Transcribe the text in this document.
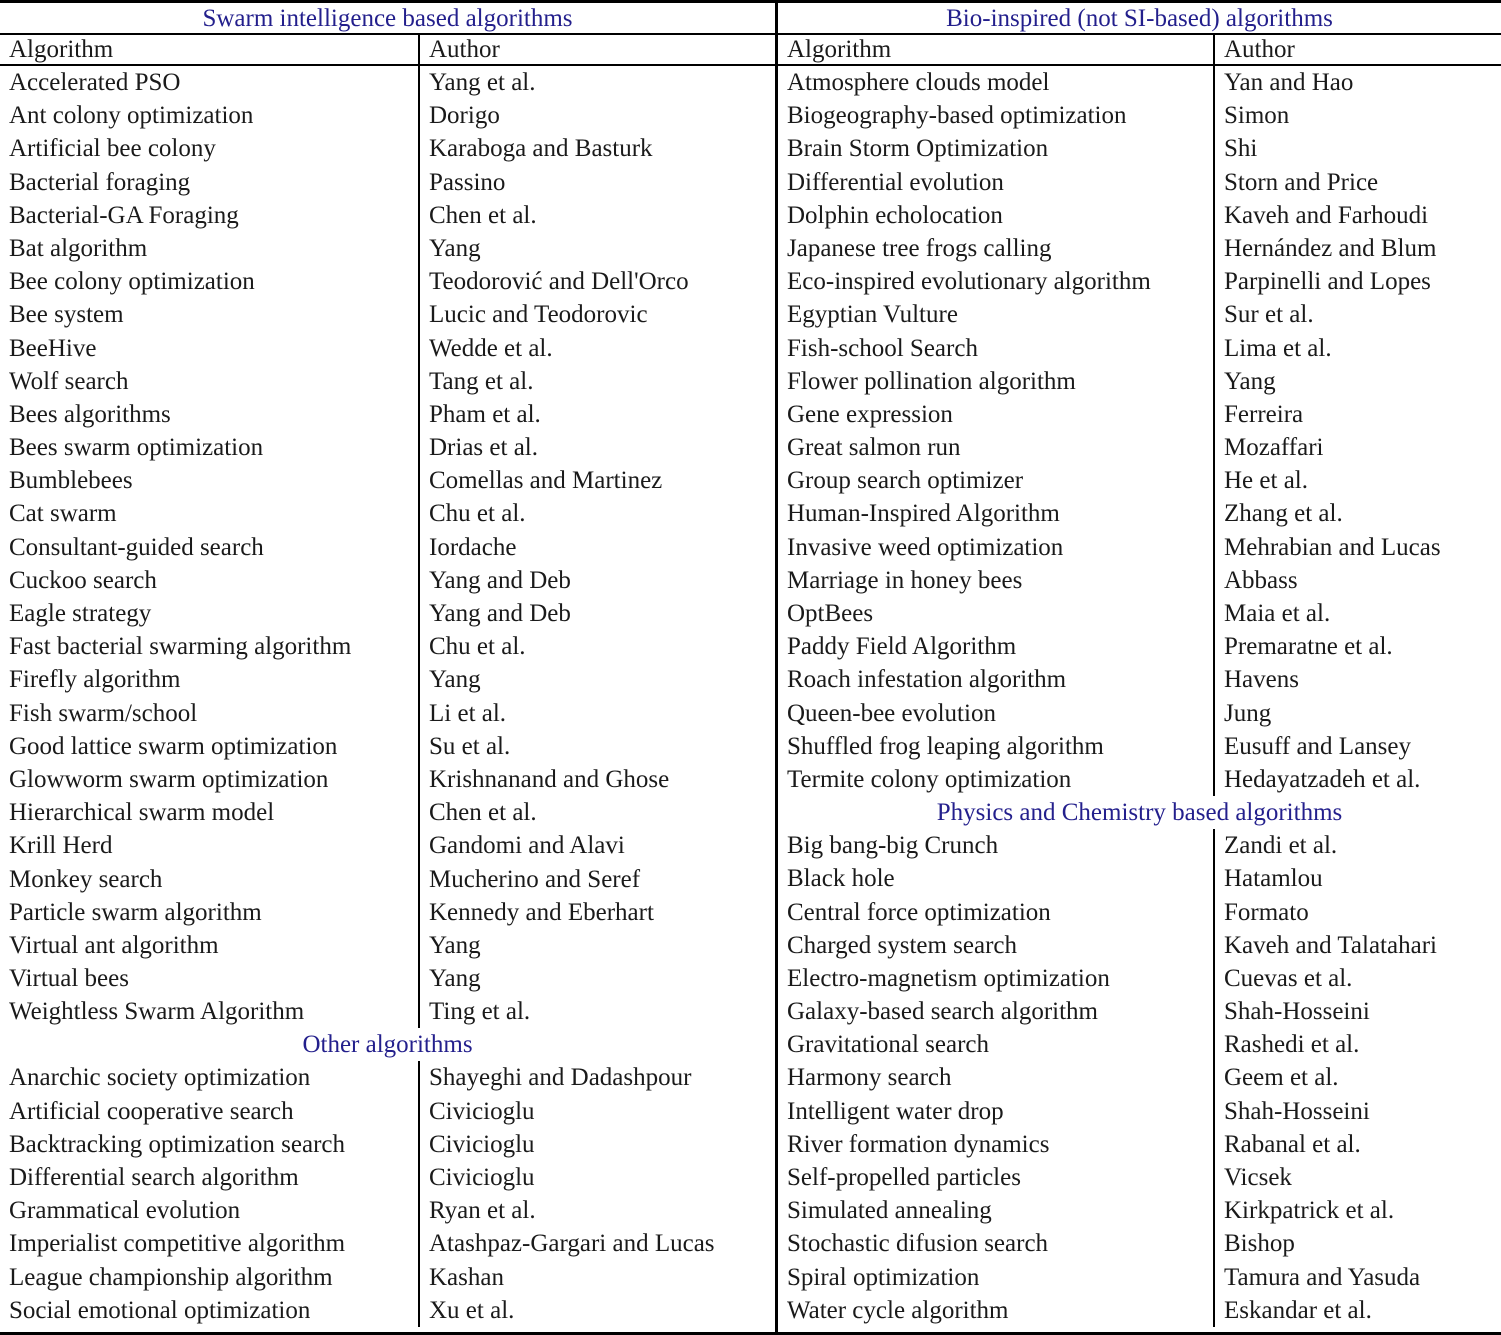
Swarm intelligence based algorithms
Algorithm	Author
Accelerated PSO	Yang et al.
Ant colony optimization	Dorigo
Artificial bee colony	Karaboga and Basturk
Bacterial foraging	Passino
Bacterial-GA Foraging	Chen et al.
Bat algorithm	Yang
Bee colony optimization	Teodorović and Dell'Orco
Bee system	Lucic and Teodorovic
BeeHive	Wedde et al.
Wolf search	Tang et al.
Bees algorithms	Pham et al.
Bees swarm optimization	Drias et al.
Bumblebees	Comellas and Martinez
Cat swarm	Chu et al.
Consultant-guided search	Iordache
Cuckoo search	Yang and Deb
Eagle strategy	Yang and Deb
Fast bacterial swarming algorithm	Chu et al.
Firefly algorithm	Yang
Fish swarm/school	Li et al.
Good lattice swarm optimization	Su et al.
Glowworm swarm optimization	Krishnanand and Ghose
Hierarchical swarm model	Chen et al.
Krill Herd	Gandomi and Alavi
Monkey search	Mucherino and Seref
Particle swarm algorithm	Kennedy and Eberhart
Virtual ant algorithm	Yang
Virtual bees	Yang
Weightless Swarm Algorithm	Ting et al.
Other algorithms
Anarchic society optimization	Shayeghi and Dadashpour
Artificial cooperative search	Civicioglu
Backtracking optimization search	Civicioglu
Differential search algorithm	Civicioglu
Grammatical evolution	Ryan et al.
Imperialist competitive algorithm	Atashpaz-Gargari and Lucas
League championship algorithm	Kashan
Social emotional optimization	Xu et al.
Bio-inspired (not SI-based) algorithms
Algorithm	Author
Atmosphere clouds model	Yan and Hao
Biogeography-based optimization	Simon
Brain Storm Optimization	Shi
Differential evolution	Storn and Price
Dolphin echolocation	Kaveh and Farhoudi
Japanese tree frogs calling	Hernández and Blum
Eco-inspired evolutionary algorithm	Parpinelli and Lopes
Egyptian Vulture	Sur et al.
Fish-school Search	Lima et al.
Flower pollination algorithm	Yang
Gene expression	Ferreira
Great salmon run	Mozaffari
Group search optimizer	He et al.
Human-Inspired Algorithm	Zhang et al.
Invasive weed optimization	Mehrabian and Lucas
Marriage in honey bees	Abbass
OptBees	Maia et al.
Paddy Field Algorithm	Premaratne et al.
Roach infestation algorithm	Havens
Queen-bee evolution	Jung
Shuffled frog leaping algorithm	Eusuff and Lansey
Termite colony optimization	Hedayatzadeh et al.
Physics and Chemistry based algorithms
Big bang-big Crunch	Zandi et al.
Black hole	Hatamlou
Central force optimization	Formato
Charged system search	Kaveh and Talatahari
Electro-magnetism optimization	Cuevas et al.
Galaxy-based search algorithm	Shah-Hosseini
Gravitational search	Rashedi et al.
Harmony search	Geem et al.
Intelligent water drop	Shah-Hosseini
River formation dynamics	Rabanal et al.
Self-propelled particles	Vicsek
Simulated annealing	Kirkpatrick et al.
Stochastic difusion search	Bishop
Spiral optimization	Tamura and Yasuda
Water cycle algorithm	Eskandar et al.
